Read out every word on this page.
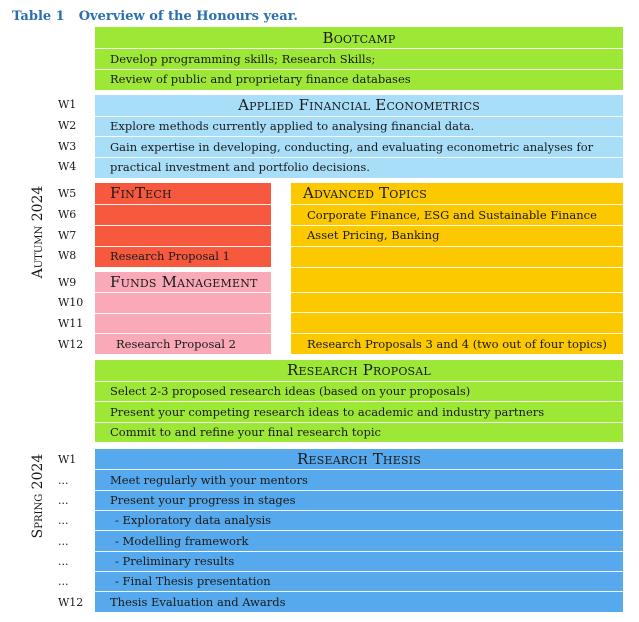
Table 1 Overview of the Honours year.
Autumn 2024
Spring 2024
W1
W2
W3
W4
W5
W6
W7
W8
W9
W10
W11
W12
W1
...
...
...
...
...
...
W12
Bootcamp
Develop programming skills; Research Skills;
Review of public and proprietary finance databases
Applied Financial Econometrics
Explore methods currently applied to analysing financial data.
Gain expertise in developing, conducting, and evaluating econometric analyses for
practical investment and portfolio decisions.
FinTech
Research Proposal 1
Funds Management
Research Proposal 2
Advanced Topics
Corporate Finance, ESG and Sustainable Finance
Asset Pricing, Banking
Research Proposals 3 and 4 (two out of four topics)
Research Proposal
Select 2-3 proposed research ideas (based on your proposals)
Present your competing research ideas to academic and industry partners
Commit to and refine your final research topic
Research Thesis
Meet regularly with your mentors
Present your progress in stages
- Exploratory data analysis
- Modelling framework
- Preliminary results
- Final Thesis presentation
Thesis Evaluation and Awards
